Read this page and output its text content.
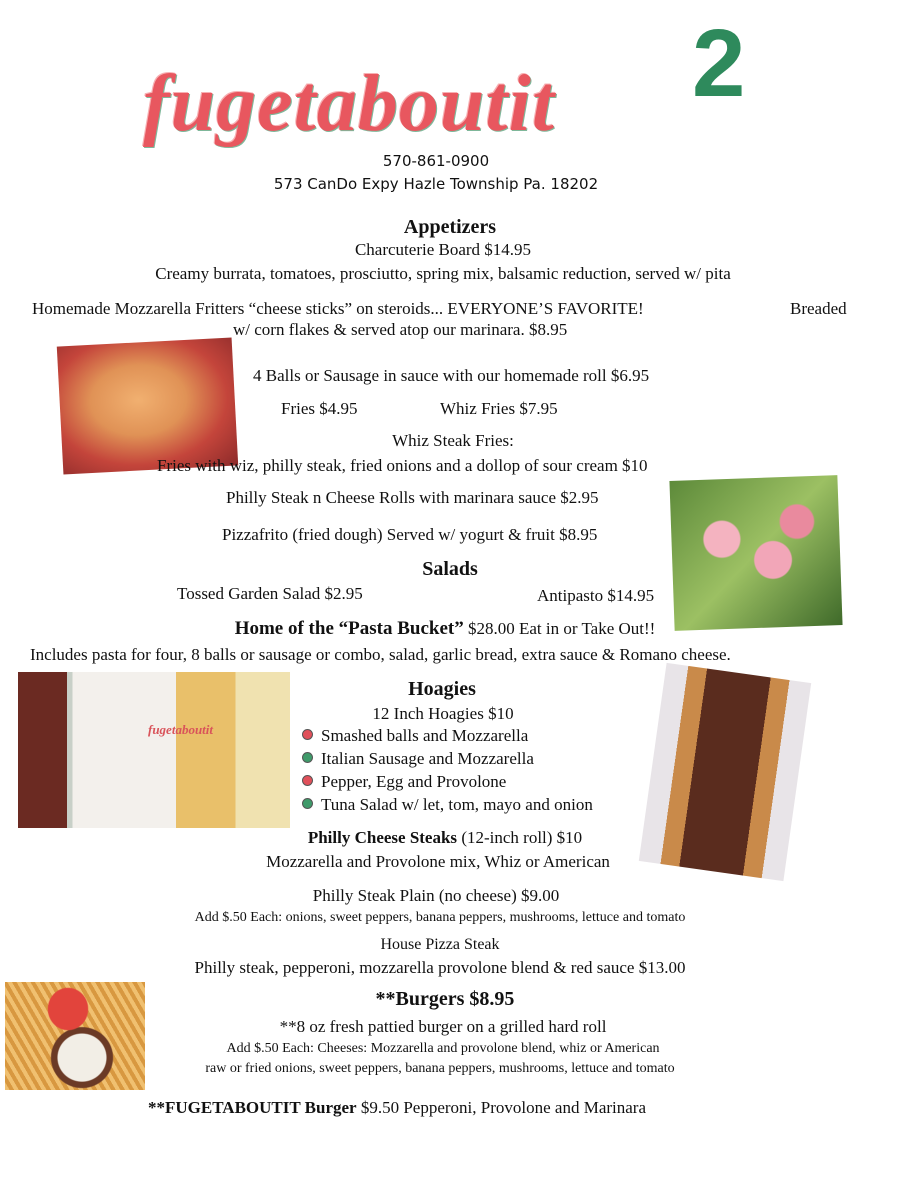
fugetaboutit 2
570-861-0900
573 CanDo Expy Hazle Township Pa. 18202
Appetizers
Charcuterie Board $14.95
Creamy burrata, tomatoes, prosciutto, spring mix, balsamic reduction, served w/ pita
Homemade Mozzarella Fritters “cheese sticks” on steroids... EVERYONE’S FAVORITE!	Breaded
w/ corn flakes & served atop our marinara. $8.95
4 Balls or Sausage in sauce with our homemade roll $6.95
Fries $4.95	Whiz Fries $7.95
Whiz Steak Fries:
Fries with wiz, philly steak, fried onions and a dollop of sour cream $10
Philly Steak n Cheese Rolls with marinara sauce $2.95
Pizzafrito (fried dough) Served w/ yogurt & fruit $8.95
Salads
Tossed Garden Salad $2.95	Antipasto $14.95
Home of the “Pasta Bucket” $28.00 Eat in or Take Out!!
Includes pasta for four, 8 balls or sausage or combo, salad, garlic bread, extra sauce & Romano cheese.
fugetaboutit
Hoagies
12 Inch Hoagies $10
Smashed balls and Mozzarella
Italian Sausage and Mozzarella
Pepper, Egg and Provolone
Tuna Salad w/ let, tom, mayo and onion
Philly Cheese Steaks (12-inch roll) $10
Mozzarella and Provolone mix, Whiz or American
Philly Steak Plain (no cheese) $9.00
Add $.50 Each: onions, sweet peppers, banana peppers, mushrooms, lettuce and tomato
House Pizza Steak
Philly steak, pepperoni, mozzarella provolone blend & red sauce $13.00
**Burgers $8.95
**8 oz fresh pattied burger on a grilled hard roll
Add $.50 Each: Cheeses: Mozzarella and provolone blend, whiz or American
raw or fried onions, sweet peppers, banana peppers, mushrooms, lettuce and tomato
**FUGETABOUTIT Burger $9.50 Pepperoni, Provolone and Marinara
